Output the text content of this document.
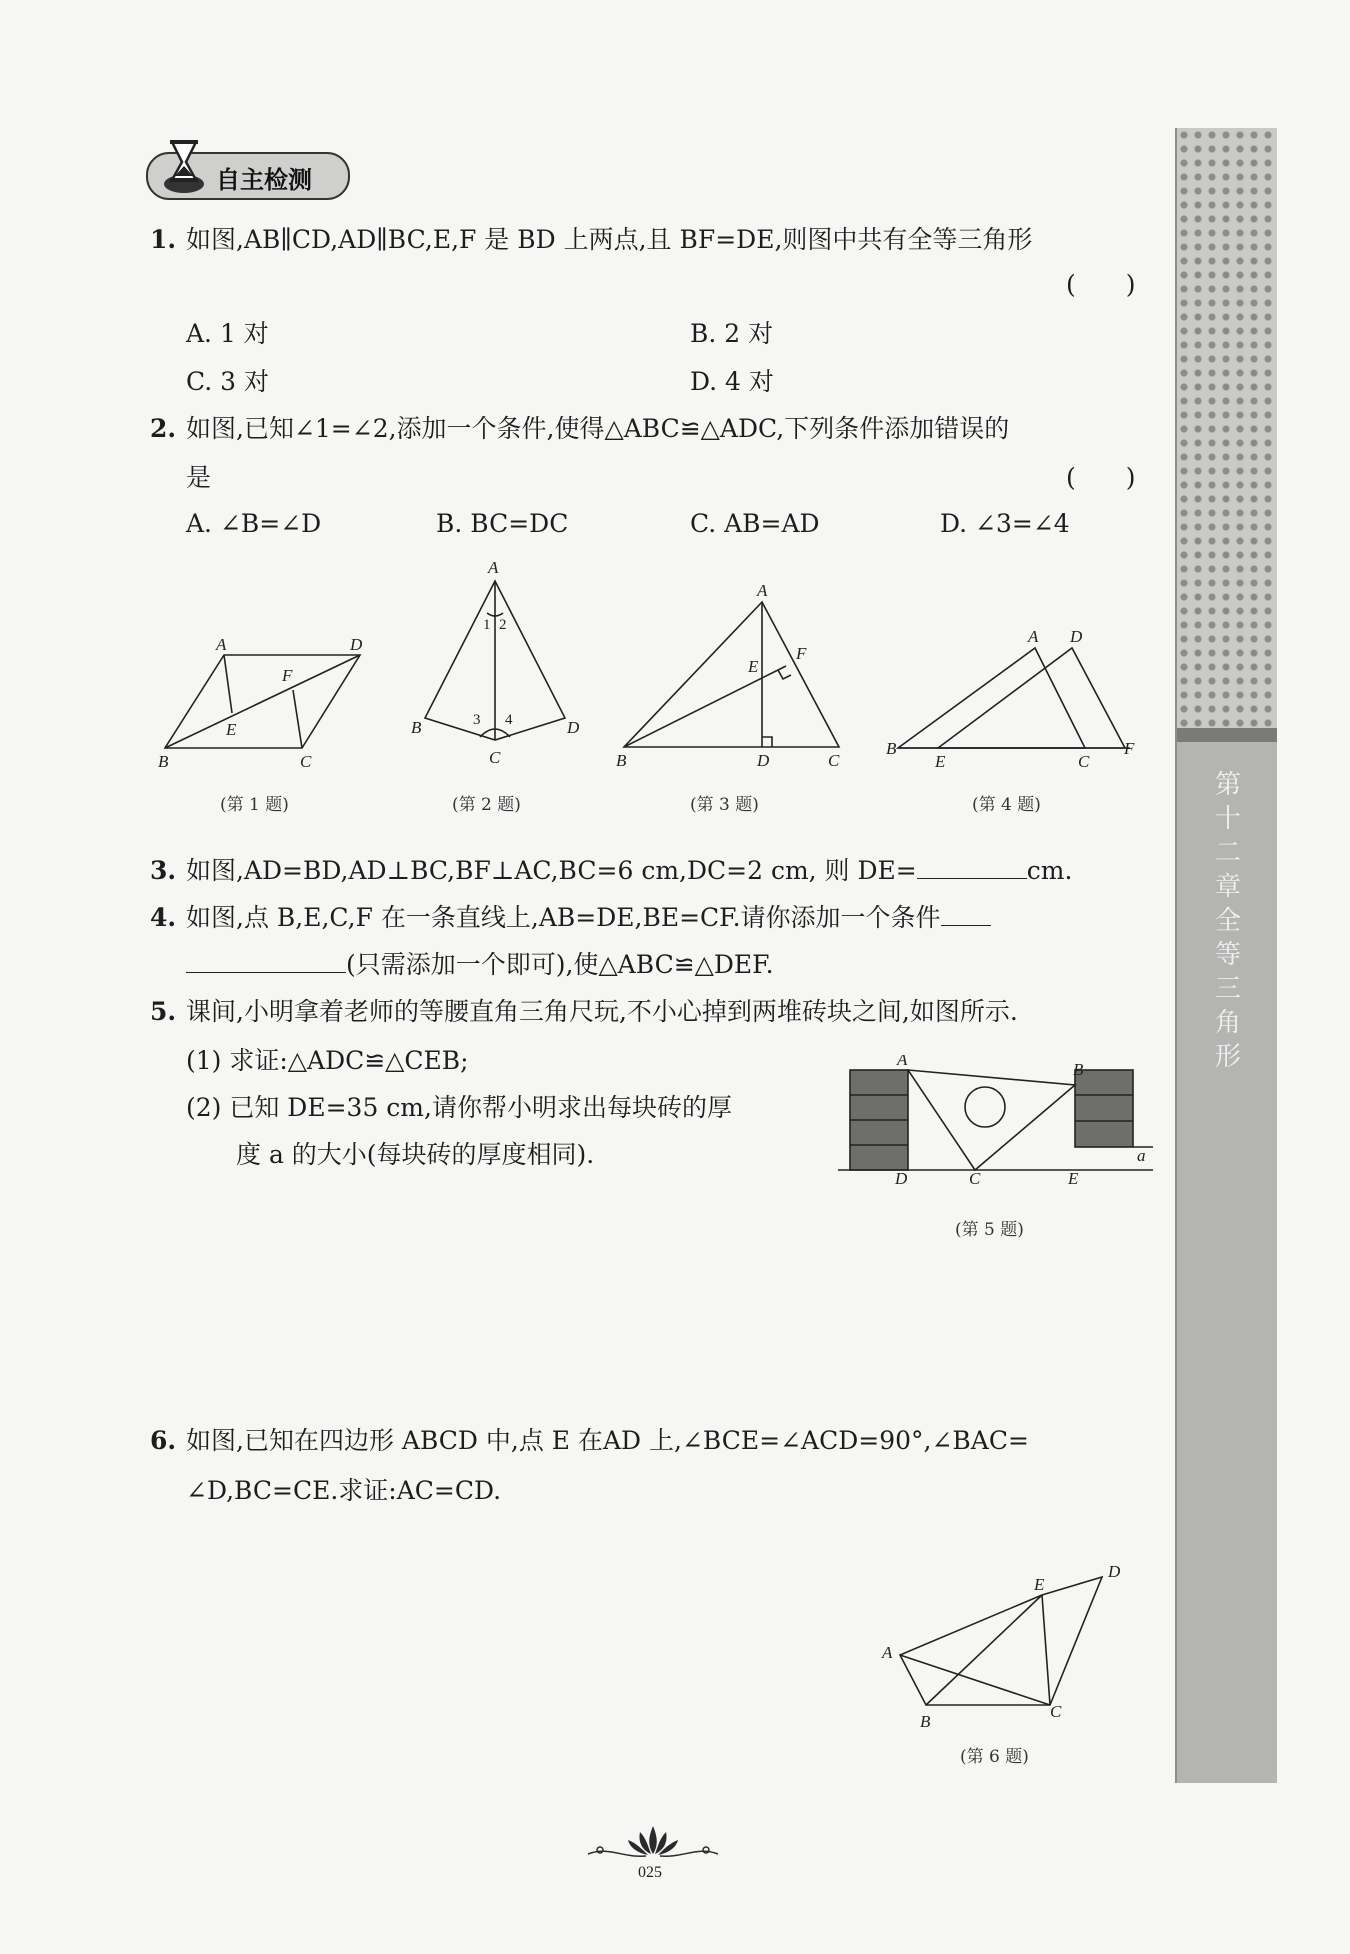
第十二章　全等三角形
自主检测
1. 如图,AB∥CD,AD∥BC,E,F 是 BD 上两点,且 BF=DE,则图中共有全等三角形
(　　)
A. 1 对	B. 2 对
C. 3 对	D. 4 对
2. 如图,已知∠1=∠2,添加一个条件,使得△ABC≌△ADC,下列条件添加错误的
是	(　　)
A. ∠B=∠D	B. BC=DC	C. AB=AD	D. ∠3=∠4
A	D
F
E
B	C
(第 1 题)
A
1 2
3 4
B
C
D
(第 2 题)
A
E
F
B	D	C
(第 3 题)
A D
B
E	C
F
(第 4 题)
3. 如图,AD=BD,AD⊥BC,BF⊥AC,BC=6 cm,DC=2 cm, 则 DE=	cm.
4. 如图,点 B,E,C,F 在一条直线上,AB=DE,BE=CF.请你添加一个条件
(只需添加一个即可),使△ABC≌△DEF.
5. 课间,小明拿着老师的等腰直角三角尺玩,不小心掉到两堆砖块之间,如图所示.
(1) 求证:△ADC≌△CEB;
(2) 已知 DE=35 cm,请你帮小明求出每块砖的厚
度 a 的大小(每块砖的厚度相同).
A
B
D	C	E
a
(第 5 题)
6. 如图,已知在四边形 ABCD 中,点 E 在AD 上,∠BCE=∠ACD=90°,∠BAC=
∠D,BC=CE.求证:AC=CD.
E
D
A
B
C
(第 6 题)
025
